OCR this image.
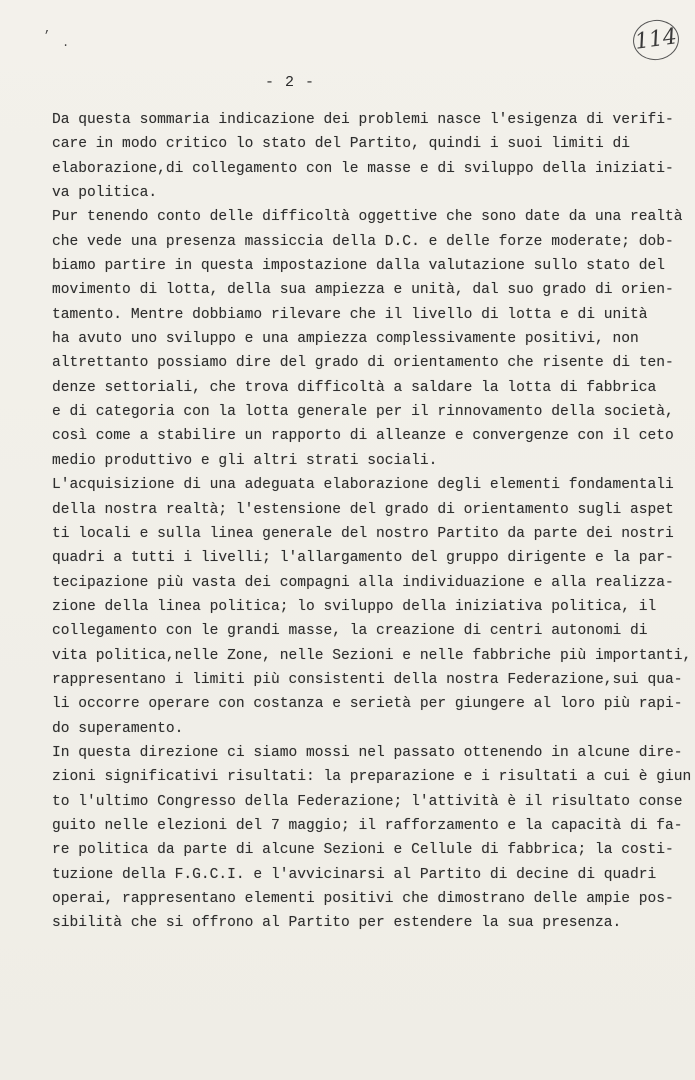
,
.	114
- 2 -
Da questa sommaria indicazione dei problemi nasce l'esigenza di verifi-
care in modo critico lo stato del Partito, quindi i suoi limiti di
elaborazione,di collegamento con le masse e di sviluppo della iniziati-
va politica.
Pur tenendo conto delle difficoltà oggettive che sono date da una realtà
che vede una presenza massiccia della D.C. e delle forze moderate; dob-
biamo partire in questa impostazione dalla valutazione sullo stato del
movimento di lotta, della sua ampiezza e unità, dal suo grado di orien-
tamento. Mentre dobbiamo rilevare che il livello di lotta e di unità
ha avuto uno sviluppo e una ampiezza complessivamente positivi, non
altrettanto possiamo dire del grado di orientamento che risente di ten-
denze settoriali, che trova difficoltà a saldare la lotta di fabbrica
e di categoria con la lotta generale per il rinnovamento della società,
così come a stabilire un rapporto di alleanze e convergenze con il ceto
medio produttivo e gli altri strati sociali.
L'acquisizione di una adeguata elaborazione degli elementi fondamentali
della nostra realtà; l'estensione del grado di orientamento sugli aspet
ti locali e sulla linea generale del nostro Partito da parte dei nostri
quadri a tutti i livelli; l'allargamento del gruppo dirigente e la par-
tecipazione più vasta dei compagni alla individuazione e alla realizza-
zione della linea politica; lo sviluppo della iniziativa politica, il
collegamento con le grandi masse, la creazione di centri autonomi di
vita politica,nelle Zone, nelle Sezioni e nelle fabbriche più importanti,
rappresentano i limiti più consistenti della nostra Federazione,sui qua-
li occorre operare con costanza e serietà per giungere al loro più rapi-
do superamento.
In questa direzione ci siamo mossi nel passato ottenendo in alcune dire-
zioni significativi risultati: la preparazione e i risultati a cui è giun
to l'ultimo Congresso della Federazione; l'attività è il risultato conse
guito nelle elezioni del 7 maggio; il rafforzamento e la capacità di fa-
re politica da parte di alcune Sezioni e Cellule di fabbrica; la costi-
tuzione della F.G.C.I. e l'avvicinarsi al Partito di decine di quadri
operai, rappresentano elementi positivi che dimostrano delle ampie pos-
sibilità che si offrono al Partito per estendere la sua presenza.
